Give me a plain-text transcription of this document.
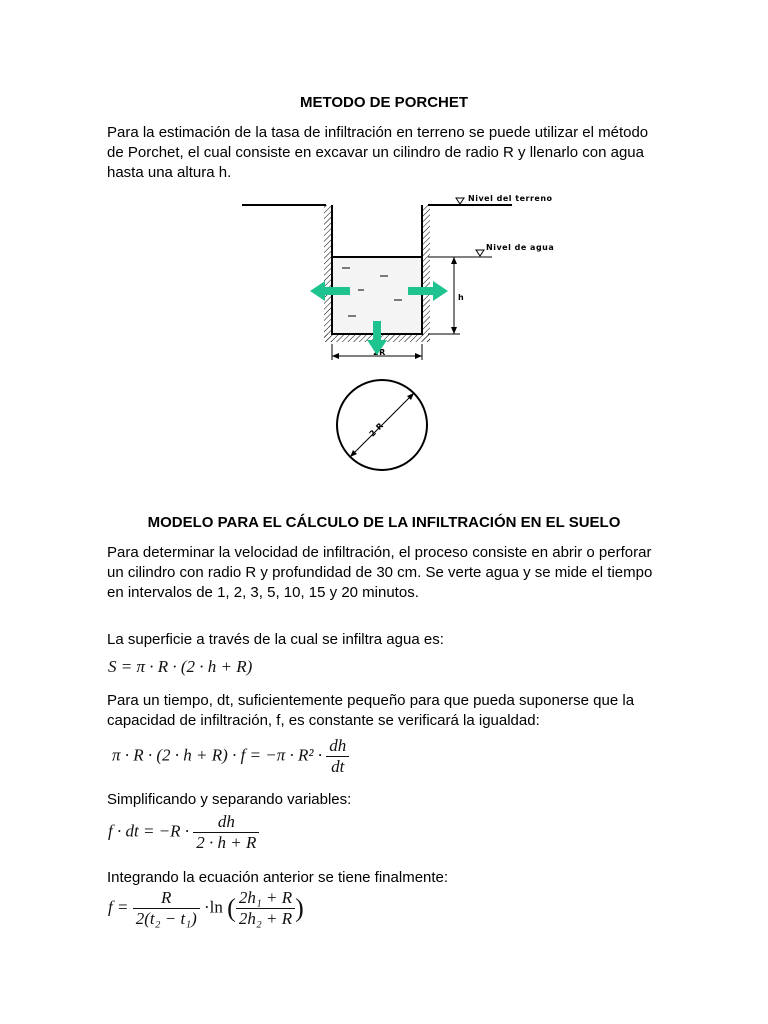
METODO DE PORCHET
Para la estimación de la tasa de infiltración en terreno se puede utilizar el método de Porchet, el cual consiste en excavar un cilindro de radio R y llenarlo con agua hasta una altura h.
Nivel del terreno
Nivel de agua
h
2R
2 R
MODELO PARA EL CÁLCULO DE LA INFILTRACIÓN EN EL SUELO
Para determinar la velocidad de infiltración, el proceso consiste en abrir o perforar un cilindro con radio R y profundidad de 30 cm. Se verte agua y se mide el tiempo en intervalos de 1, 2, 3, 5, 10, 15 y 20 minutos.
La superficie a través de la cual se infiltra agua es:
S = π · R · (2 · h + R)
Para un tiempo, dt, suficientemente pequeño para que pueda suponerse que la capacidad de infiltración, f, es constante se verificará la igualdad:
$\pi \cdot R \cdot (2 \cdot h + R) \cdot f = -\pi \cdot R^2 \cdot \frac{dh}{dt}$
Simplificando y separando variables:
f · dt = $-R \cdot \frac{dh}{2 \cdot h + R}$
Integrando la ecuación anterior se tiene finalmente:
$f = \frac{R}{\text{2(t₂ − t₁)}} \cdot\ln$ ( $\frac{\text{2h₁ + R}}{\text{2h₂ + R}}$ )
